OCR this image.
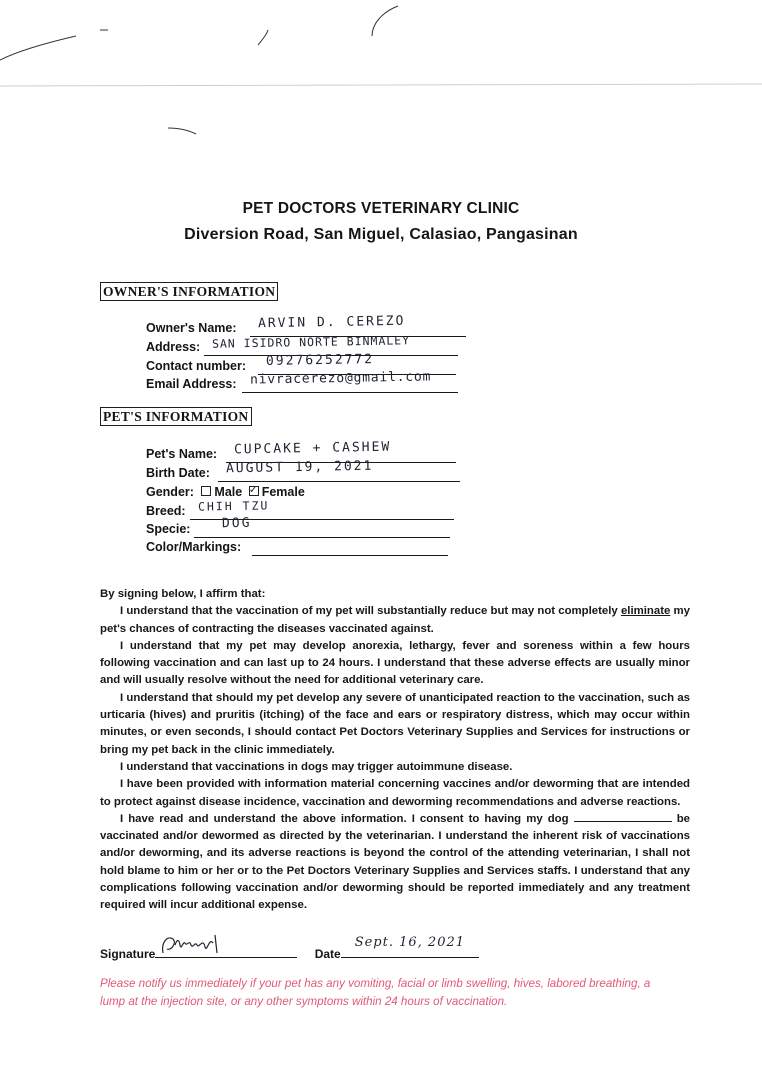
PET DOCTORS VETERINARY CLINIC
Diversion Road, San Miguel, Calasiao, Pangasinan
OWNER'S INFORMATION
Owner's Name: ARVIN D. CEREZO
Address: SAN ISIDRO NORTE BINMALEY
Contact number: 09276252772
Email Address: nivracerezo@gmail.com
PET'S INFORMATION
Pet's Name: CUPCAKE + CASHEW
Birth Date: AUGUST 19, 2021
Gender: Male ✓ Female
Breed: CHIH TZU
Specie: DOG
Color/Markings:

By signing below, I affirm that:

I understand that the vaccination of my pet will substantially reduce but may not completely eliminate my pet's chances of contracting the diseases vaccinated against.

I understand that my pet may develop anorexia, lethargy, fever and soreness within a few hours following vaccination and can last up to 24 hours. I understand that these adverse effects are usually minor and will usually resolve without the need for additional veterinary care.

I understand that should my pet develop any severe of unanticipated reaction to the vaccination, such as urticaria (hives) and pruritis (itching) of the face and ears or respiratory distress, which may occur within minutes, or even seconds, I should contact Pet Doctors Veterinary Supplies and Services for instructions or bring my pet back in the clinic immediately.

I understand that vaccinations in dogs may trigger autoimmune disease.

I have been provided with information material concerning vaccines and/or deworming that are intended to protect against disease incidence, vaccination and deworming recommendations and adverse reactions.

I have read and understand the above information. I consent to having my dog	be vaccinated and/or dewormed as directed by the veterinarian. I understand the inherent risk of vaccinations and/or deworming, and its adverse reactions is beyond the control of the attending veterinarian, I shall not hold blame to him or her or to the Pet Doctors Veterinary Supplies and Services staffs. I understand that any complications following vaccination and/or deworming should be reported immediately and any treatment required will incur additional expense.

Signature	Date
Sept. 16, 2021
Please notify us immediately if your pet has any vomiting, facial or limb swelling, hives, labored breathing, a lump at the injection site, or any other symptoms within 24 hours of vaccination.
